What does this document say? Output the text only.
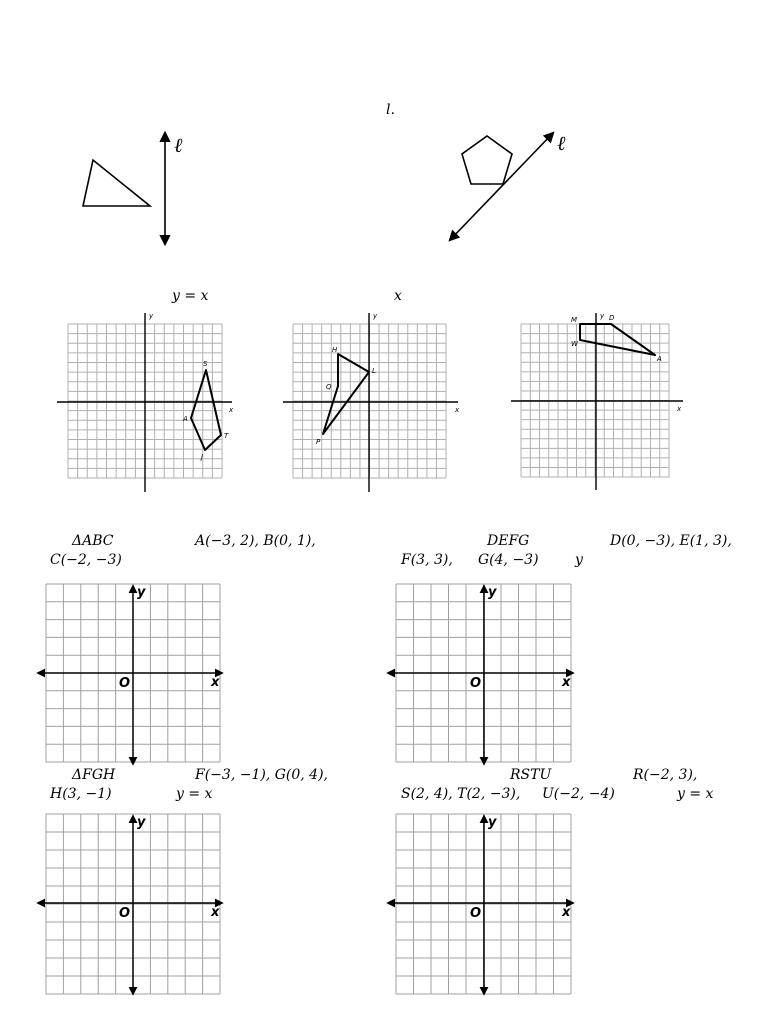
l.
ℓ	ℓ
y = x	x
S
A
T
J
x
y
H
L
Q
P
x
y	M	D
W
A
x
y
ΔABC	A(−3, 2), B(0, 1),
C(−2, −3)
DEFG	D(0, −3), E(1, 3),
F(3, 3), G(4, −3)	y
ΔFGH	F(−3, −1), G(0, 4),
H(3, −1)	y = x
RSTU	R(−2, 3),
S(2, 4), T(2, −3), U(−2, −4)	y = x
y
x
O
y
x
O
y
x
O
y
x
O
